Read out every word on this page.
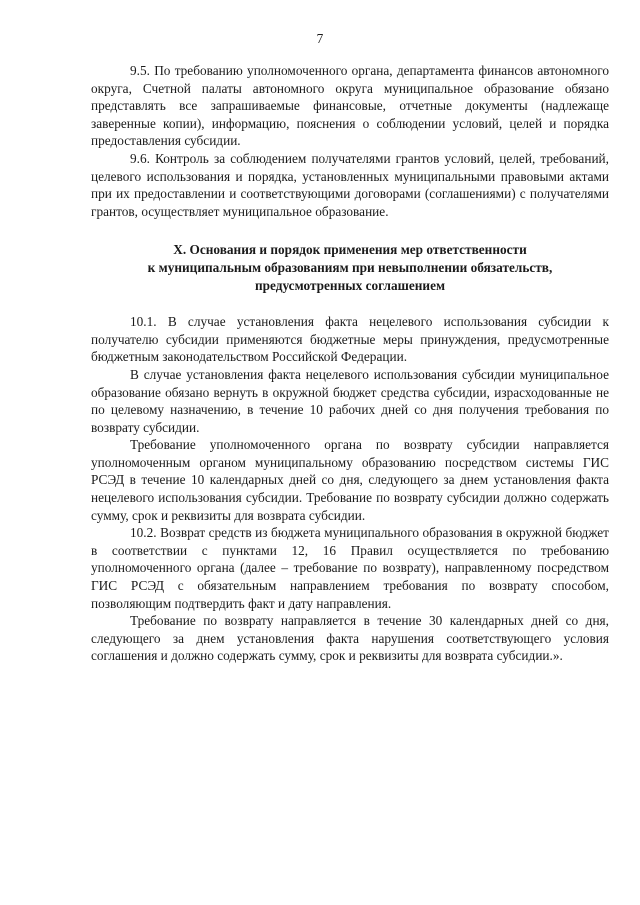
7

9.5. По требованию уполномоченного органа, департамента финансов автономного округа, Счетной палаты автономного округа муниципальное образование обязано представлять все запрашиваемые финансовые, отчетные документы (надлежаще заверенные копии), информацию, пояснения о соблюдении условий, целей и порядка предоставления субсидии.

9.6. Контроль за соблюдением получателями грантов условий, целей, требований, целевого использования и порядка, установленных муниципальными правовыми актами при их предоставлении и соответствующими договорами (соглашениями) с получателями грантов, осуществляет муниципальное образование.

X. Основания и порядок применения мер ответственности
к муниципальным образованиям при невыполнении обязательств,
предусмотренных соглашением

10.1. В случае установления факта нецелевого использования субсидии к получателю субсидии применяются бюджетные меры принуждения, предусмотренные бюджетным законодательством Российской Федерации.

В случае установления факта нецелевого использования субсидии муниципальное образование обязано вернуть в окружной бюджет средства субсидии, израсходованные не по целевому назначению, в течение 10 рабочих дней со дня получения требования по возврату субсидии.

Требование уполномоченного органа по возврату субсидии направляется уполномоченным органом муниципальному образованию посредством системы ГИС РСЭД в течение 10 календарных дней со дня, следующего за днем установления факта нецелевого использования субсидии. Требование по возврату субсидии должно содержать сумму, срок и реквизиты для возврата субсидии.

10.2. Возврат средств из бюджета муниципального образования в окружной бюджет в соответствии с пунктами 12, 16 Правил осуществляется по требованию уполномоченного органа (далее – требование по возврату), направленному посредством ГИС РСЭД с обязательным направлением требования по возврату способом, позволяющим подтвердить факт и дату направления.

Требование по возврату направляется в течение 30 календарных дней со дня, следующего за днем установления факта нарушения соответствующего условия соглашения и должно содержать сумму, срок и реквизиты для возврата субсидии.».
